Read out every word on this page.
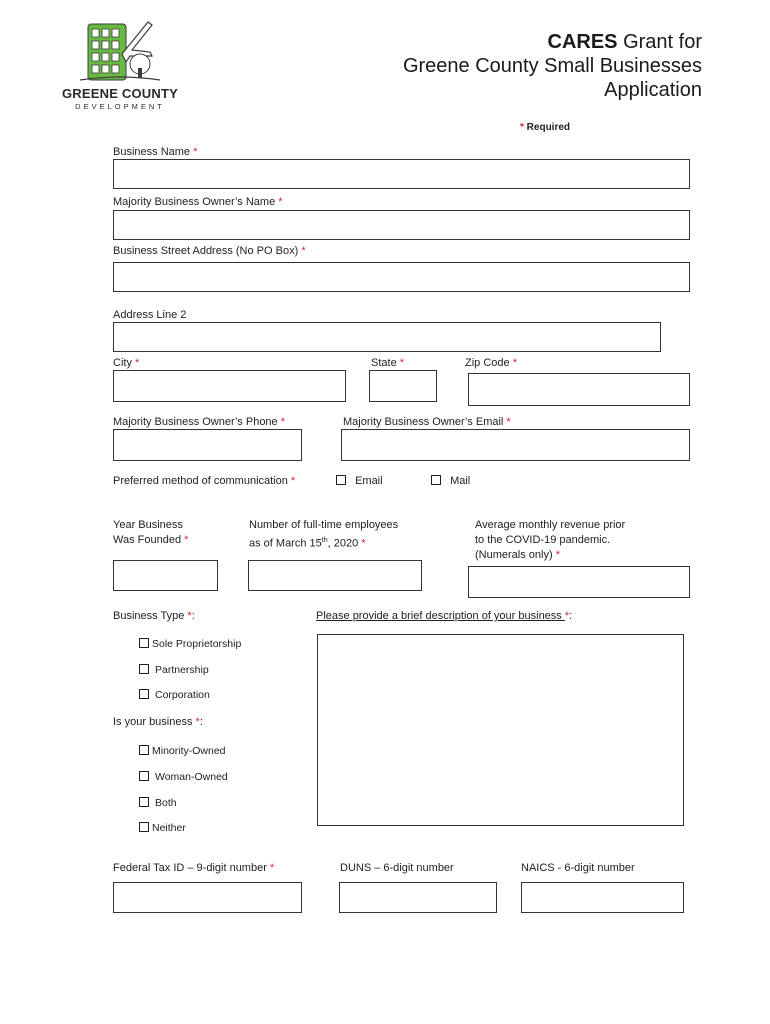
GREENE COUNTY
DEVELOPMENT
CARES Grant for
Greene County Small Businesses
Application
* Required
Business Name *
Majority Business Owner’s Name *
Business Street Address (No PO Box) *
Address Line 2
City *	State *	Zip Code *
Majority Business Owner’s Phone *	Majority Business Owner’s Email *
Preferred method of communication *	Email	Mail
Year Business
Was Founded *
Number of full-time employees
as of March 15th, 2020 *
Average monthly revenue prior
to the COVID-19 pandemic.
(Numerals only) *
Business Type *:
Sole Proprietorship
Partnership
Corporation
Please provide a brief description of your business *:
Is your business *:
Minority-Owned
Woman-Owned
Both
Neither
Federal Tax ID – 9-digit number *	DUNS – 6-digit number	NAICS - 6-digit number
